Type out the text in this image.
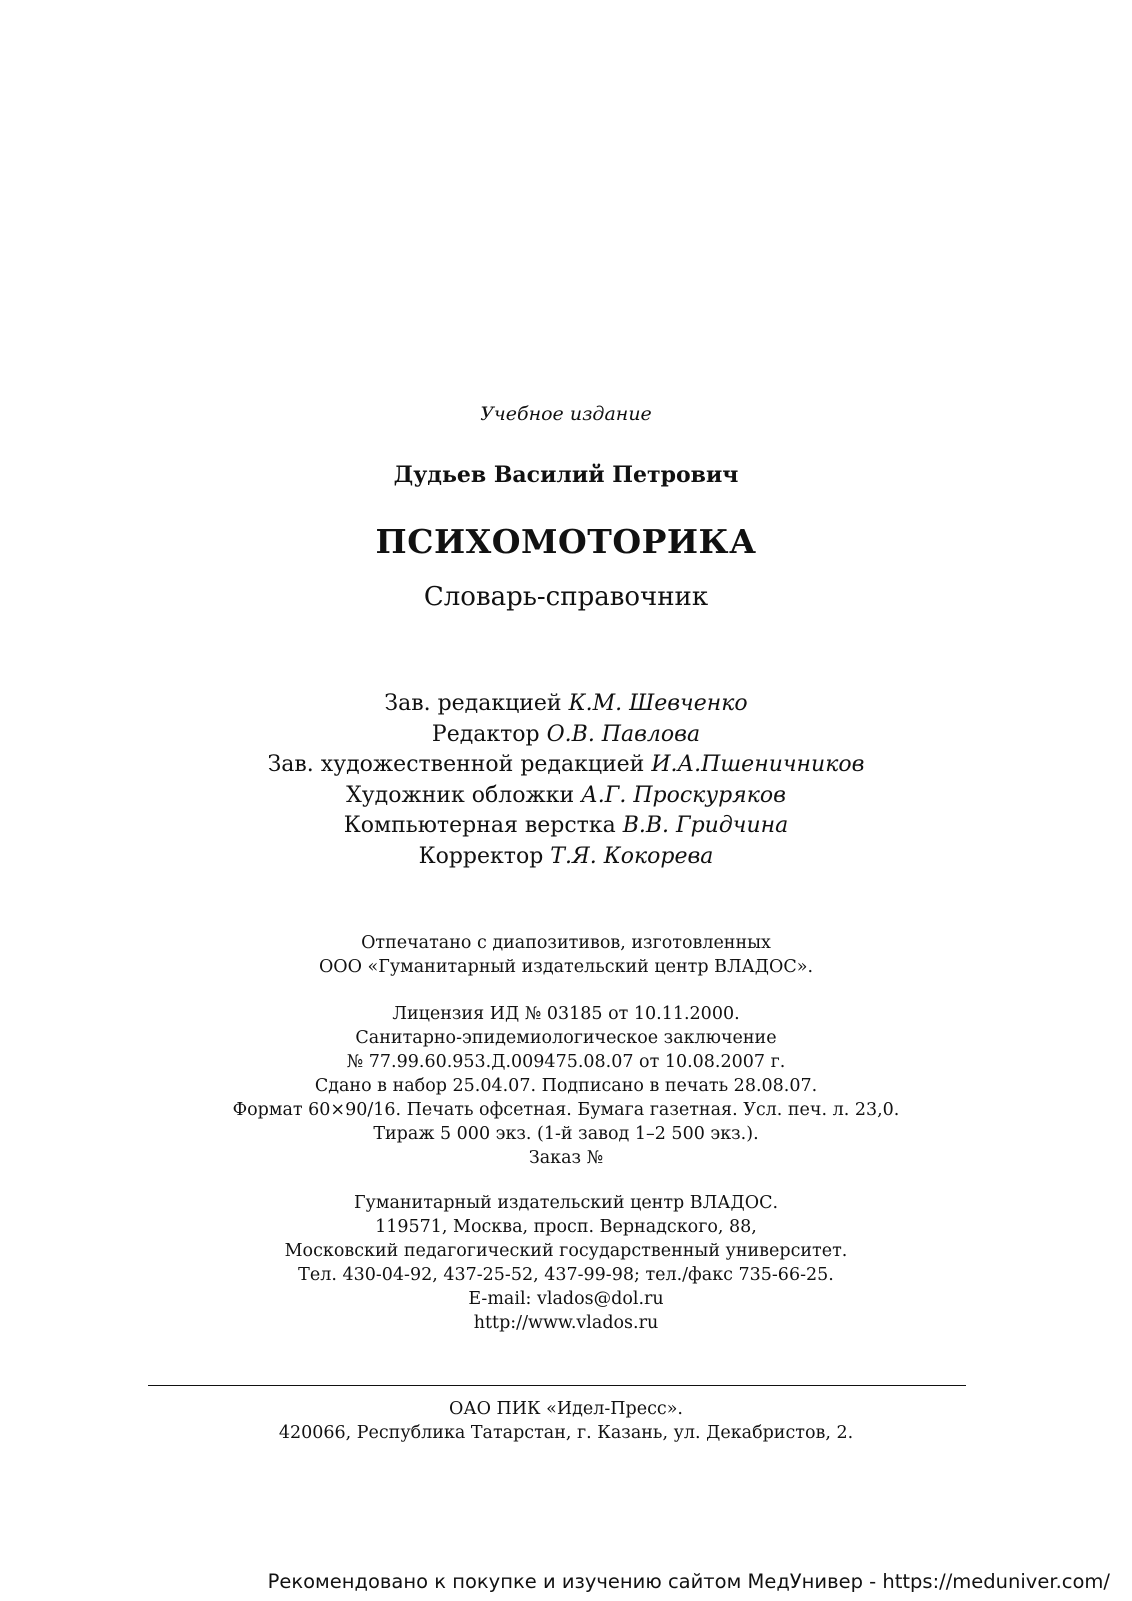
Учебное издание
Дудьев Василий Петрович
ПСИХОМОТОРИКА
Словарь-справочник
Зав. редакцией К.М. Шевченко
Редактор О.В. Павлова
Зав. художественной редакцией И.А.Пшеничников
Художник обложки А.Г. Проскуряков
Компьютерная верстка В.В. Гридчина
Корректор Т.Я. Кокорева
Отпечатано с диапозитивов, изготовленных
ООО «Гуманитарный издательский центр ВЛАДОС».
Лицензия ИД № 03185 от 10.11.2000.
Санитарно-эпидемиологическое заключение
№ 77.99.60.953.Д.009475.08.07 от 10.08.2007 г.
Сдано в набор 25.04.07. Подписано в печать 28.08.07.
Формат 60×90/16. Печать офсетная. Бумага газетная. Усл. печ. л. 23,0.
Тираж 5 000 экз. (1-й завод 1–2 500 экз.).
Заказ №
Гуманитарный издательский центр ВЛАДОС.
119571, Москва, просп. Вернадского, 88,
Московский педагогический государственный университет.
Тел. 430-04-92, 437-25-52, 437-99-98; тел./факс 735-66-25.
E-mail: vlados@dol.ru
http://www.vlados.ru
ОАО ПИК «Идел-Пресс».
420066, Республика Татарстан, г. Казань, ул. Декабристов, 2.
Рекомендовано к покупке и изучению сайтом МедУнивер - https://meduniver.com/
